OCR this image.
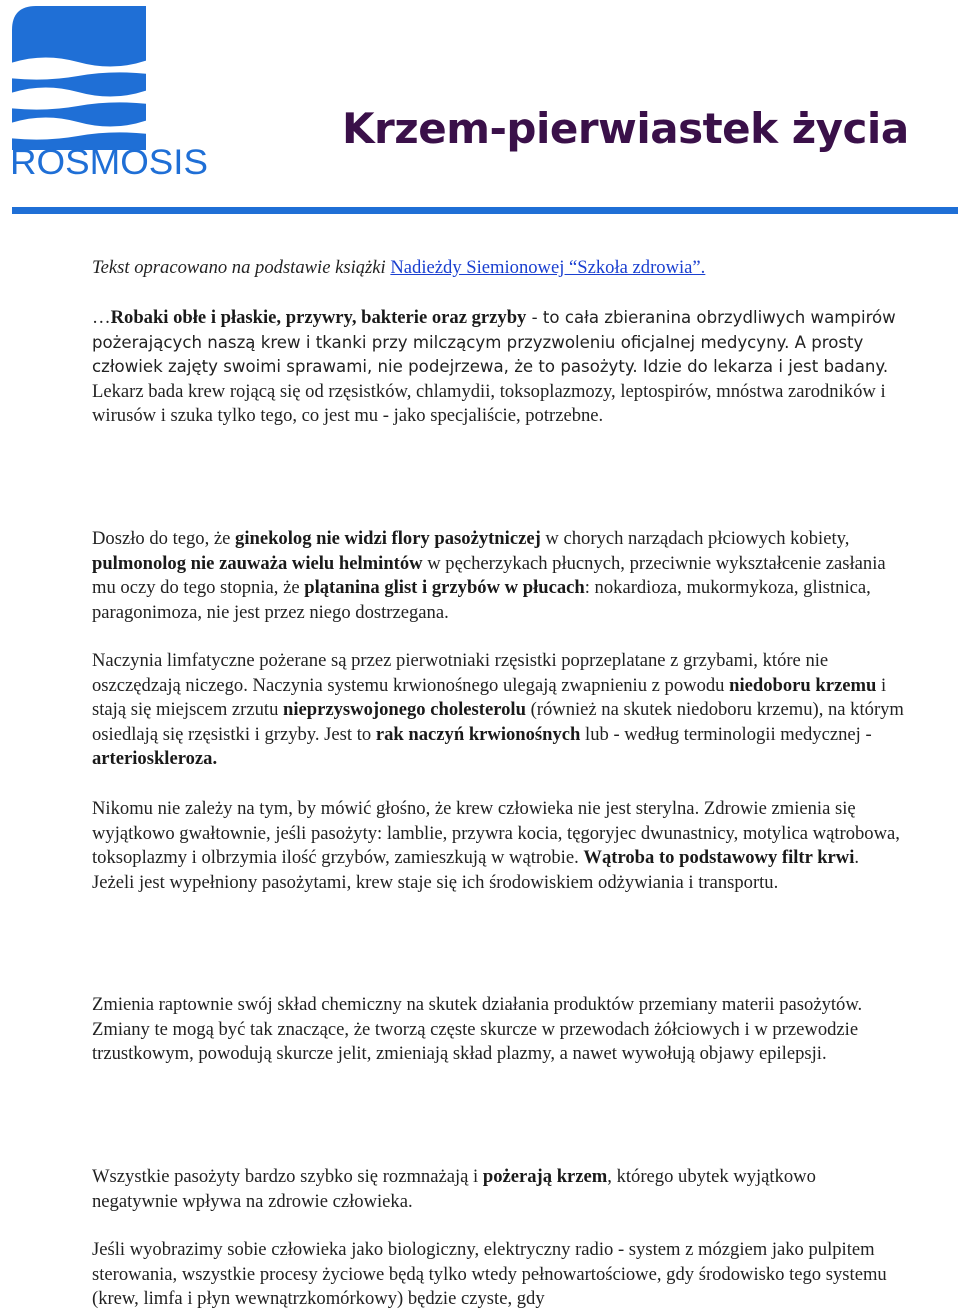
ROSMOSIS
Krzem-pierwiastek życia
Tekst opracowano na podstawie książki Nadieżdy Siemionowej “Szkoła zdrowia”.
…Robaki obłe i płaskie, przywry, bakterie oraz grzyby - to cała zbieranina obrzydliwych wampirów pożerających naszą krew i tkanki przy milczącym przyzwoleniu oficjalnej medycyny. A prosty człowiek zajęty swoimi sprawami, nie podejrzewa, że to pasożyty. Idzie do lekarza i jest badany. Lekarz bada krew rojącą się od rzęsistków, chlamydii, toksoplazmozy, leptospirów, mnóstwa zarodników i wirusów i szuka tylko tego, co jest mu - jako specjaliście, potrzebne.
Doszło do tego, że ginekolog nie widzi flory pasożytniczej w chorych narządach płciowych kobiety, pulmonolog nie zauważa wielu helmintów w pęcherzykach płucnych, przeciwnie wykształcenie zasłania mu oczy do tego stopnia, że plątanina glist i grzybów w płucach: nokardioza, mukormykoza, glistnica, paragonimoza, nie jest przez niego dostrzegana.
Naczynia limfatyczne pożerane są przez pierwotniaki rzęsistki poprzeplatane z grzybami, które nie oszczędzają niczego. Naczynia systemu krwionośnego ulegają zwapnieniu z powodu niedoboru krzemu i stają się miejscem zrzutu nieprzyswojonego cholesterolu (również na skutek niedoboru krzemu), na którym osiedlają się rzęsistki i grzyby. Jest to rak naczyń krwionośnych lub - według terminologii medycznej - arterioskleroza.
Nikomu nie zależy na tym, by mówić głośno, że krew człowieka nie jest sterylna. Zdrowie zmienia się wyjątkowo gwałtownie, jeśli pasożyty: lamblie, przywra kocia, tęgoryjec dwunastnicy, motylica wątrobowa, toksoplazmy i olbrzymia ilość grzybów, zamieszkują w wątrobie. Wątroba to podstawowy filtr krwi. Jeżeli jest wypełniony pasożytami, krew staje się ich środowiskiem odżywiania i transportu.
Zmienia raptownie swój skład chemiczny na skutek działania produktów przemiany materii pasożytów. Zmiany te mogą być tak znaczące, że tworzą częste skurcze w przewodach żółciowych i w przewodzie trzustkowym, powodują skurcze jelit, zmieniają skład plazmy, a nawet wywołują objawy epilepsji.
Wszystkie pasożyty bardzo szybko się rozmnażają i pożerają krzem, którego ubytek wyjątkowo negatywnie wpływa na zdrowie człowieka.
Jeśli wyobrazimy sobie człowieka jako biologiczny, elektryczny radio - system z mózgiem jako pulpitem sterowania, wszystkie procesy życiowe będą tylko wtedy pełnowartościowe, gdy środowisko tego systemu (krew, limfa i płyn wewnątrzkomórkowy) będzie czyste, gdy
